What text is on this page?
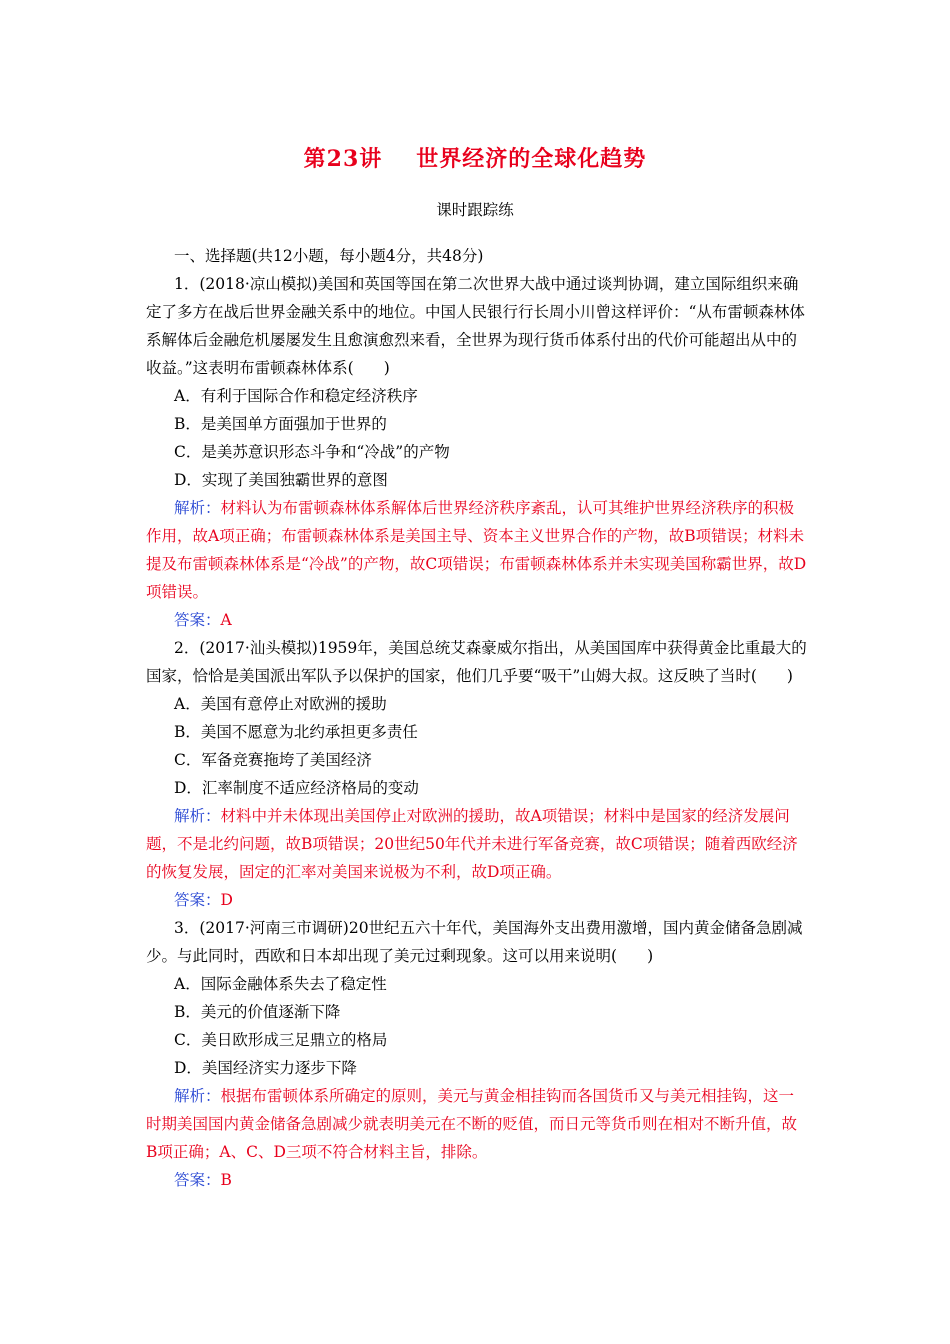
第23讲 世界经济的全球化趋势
课时跟踪练

一、选择题(共12小题，每小题4分，共48分)

1．(2018·凉山模拟)美国和英国等国在第二次世界大战中通过谈判协调，建立国际组织来确定了多方在战后世界金融关系中的地位。中国人民银行行长周小川曾这样评价：“从布雷顿森林体系解体后金融危机屡屡发生且愈演愈烈来看，全世界为现行货币体系付出的代价可能超出从中的收益。”这表明布雷顿森林体系( )

A．有利于国际合作和稳定经济秩序

B．是美国单方面强加于世界的

C．是美苏意识形态斗争和“冷战”的产物

D．实现了美国独霸世界的意图

解析：材料认为布雷顿森林体系解体后世界经济秩序紊乱，认可其维护世界经济秩序的积极作用，故A项正确；布雷顿森林体系是美国主导、资本主义世界合作的产物，故B项错误；材料未提及布雷顿森林体系是“冷战”的产物，故C项错误；布雷顿森林体系并未实现美国称霸世界，故D项错误。

答案：A

2．(2017·汕头模拟)1959年，美国总统艾森豪威尔指出，从美国国库中获得黄金比重最大的国家，恰恰是美国派出军队予以保护的国家，他们几乎要“吸干”山姆大叔。这反映了当时( )

A．美国有意停止对欧洲的援助

B．美国不愿意为北约承担更多责任

C．军备竞赛拖垮了美国经济

D．汇率制度不适应经济格局的变动

解析：材料中并未体现出美国停止对欧洲的援助，故A项错误；材料中是国家的经济发展问题，不是北约问题，故B项错误；20世纪50年代并未进行军备竞赛，故C项错误；随着西欧经济的恢复发展，固定的汇率对美国来说极为不利，故D项正确。

答案：D

3．(2017·河南三市调研)20世纪五六十年代，美国海外支出费用激增，国内黄金储备急剧减少。与此同时，西欧和日本却出现了美元过剩现象。这可以用来说明( )

A．国际金融体系失去了稳定性

B．美元的价值逐渐下降

C．美日欧形成三足鼎立的格局

D．美国经济实力逐步下降

解析：根据布雷顿体系所确定的原则，美元与黄金相挂钩而各国货币又与美元相挂钩，这一时期美国国内黄金储备急剧减少就表明美元在不断的贬值，而日元等货币则在相对不断升值，故B项正确；A、C、D三项不符合材料主旨，排除。

答案：B
